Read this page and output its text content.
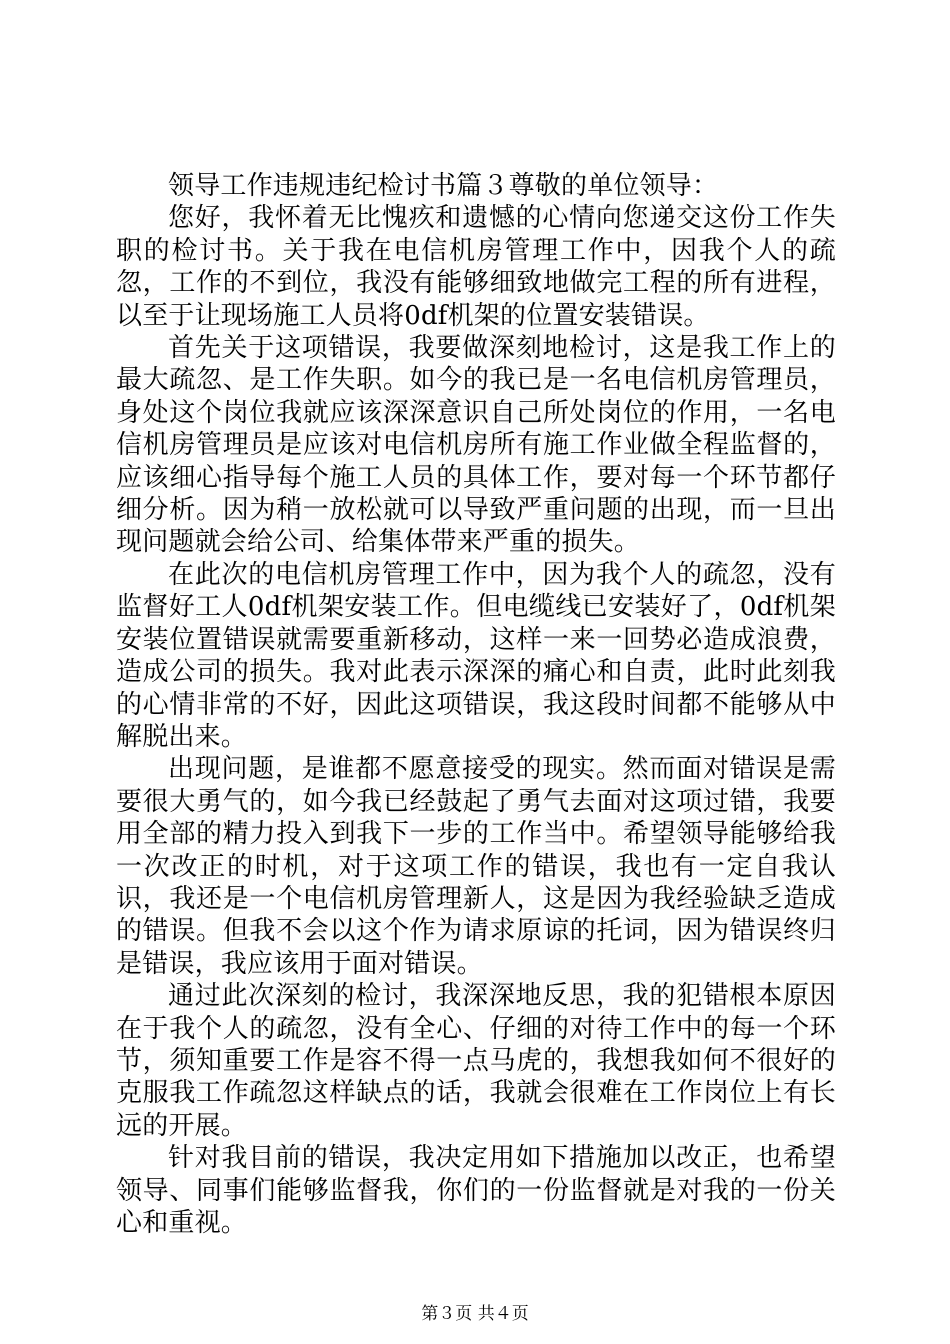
领导工作违规违纪检讨书篇３尊敬的单位领导：

您好，我怀着无比愧疚和遗憾的心情向您递交这份工作失职的检讨书。关于我在电信机房管理工作中，因我个人的疏忽，工作的不到位，我没有能够细致地做完工程的所有进程，以至于让现场施工人员将0df机架的位置安装错误。

首先关于这项错误，我要做深刻地检讨，这是我工作上的最大疏忽、是工作失职。如今的我已是一名电信机房管理员，身处这个岗位我就应该深深意识自己所处岗位的作用，一名电信机房管理员是应该对电信机房所有施工作业做全程监督的，应该细心指导每个施工人员的具体工作，要对每一个环节都仔细分析。因为稍一放松就可以导致严重问题的出现，而一旦出现问题就会给公司、给集体带来严重的损失。

在此次的电信机房管理工作中，因为我个人的疏忽，没有监督好工人0df机架安装工作。但电缆线已安装好了，0df机架安装位置错误就需要重新移动，这样一来一回势必造成浪费，造成公司的损失。我对此表示深深的痛心和自责，此时此刻我的心情非常的不好，因此这项错误，我这段时间都不能够从中解脱出来。

出现问题，是谁都不愿意接受的现实。然而面对错误是需要很大勇气的，如今我已经鼓起了勇气去面对这项过错，我要用全部的精力投入到我下一步的工作当中。希望领导能够给我一次改正的时机，对于这项工作的错误，我也有一定自我认识，我还是一个电信机房管理新人，这是因为我经验缺乏造成的错误。但我不会以这个作为请求原谅的托词，因为错误终归是错误，我应该用于面对错误。

通过此次深刻的检讨，我深深地反思，我的犯错根本原因在于我个人的疏忽，没有全心、仔细的对待工作中的每一个环节，须知重要工作是容不得一点马虎的，我想我如何不很好的克服我工作疏忽这样缺点的话，我就会很难在工作岗位上有长远的开展。

针对我目前的错误，我决定用如下措施加以改正，也希望领导、同事们能够监督我，你们的一份监督就是对我的一份关心和重视。

第３页 共４页
